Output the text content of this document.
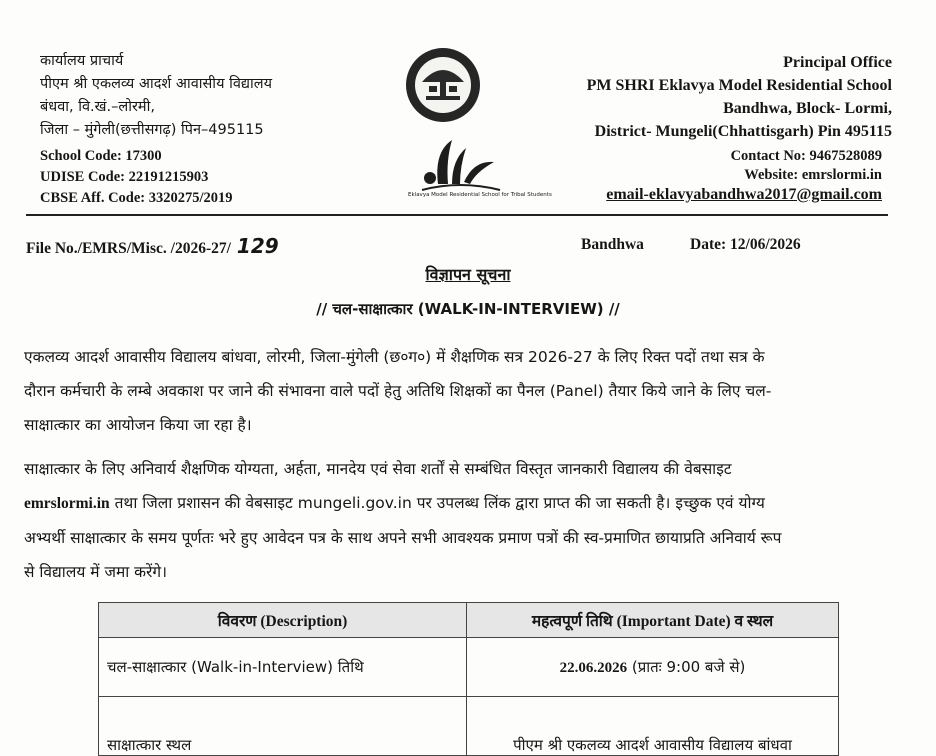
कार्यालय प्राचार्य
पीएम श्री एकलव्य आदर्श आवासीय विद्यालय
बंधवा, वि.खं.–लोरमी,
जिला – मुंगेली(छत्तीसगढ़) पिन–495115
School Code: 17300
UDISE Code: 22191215903
CBSE Aff. Code: 3320275/2019	Eklavya Model Residential School for Tribal Students
Principal Office
PM SHRI Eklavya Model Residential School
Bandhwa, Block- Lormi,
District- Mungeli(Chhattisgarh) Pin 495115
Contact No: 9467528089
Website: emrslormi.in
email-eklavyabandhwa2017@gmail.com
File No./EMRS/Misc. /2026-27/ 129	Bandhwa	Date: 12/06/2026
विज्ञापन सूचना
// चल-साक्षात्कार (WALK-IN-INTERVIEW) //
एकलव्य आदर्श आवासीय विद्यालय बांधवा, लोरमी, जिला-मुंगेली (छ०ग०) में शैक्षणिक सत्र 2026-27 के लिए रिक्त पदों तथा सत्र के
दौरान कर्मचारी के लम्बे अवकाश पर जाने की संभावना वाले पदों हेतु अतिथि शिक्षकों का पैनल (Panel) तैयार किये जाने के लिए चल-
साक्षात्कार का आयोजन किया जा रहा है।
साक्षात्कार के लिए अनिवार्य शैक्षणिक योग्यता, अर्हता, मानदेय एवं सेवा शर्तों से सम्बंधित विस्तृत जानकारी विद्यालय की वेबसाइट
emrslormi.in तथा जिला प्रशासन की वेबसाइट mungeli.gov.in पर उपलब्ध लिंक द्वारा प्राप्त की जा सकती है। इच्छुक एवं योग्य
अभ्यर्थी साक्षात्कार के समय पूर्णतः भरे हुए आवेदन पत्र के साथ अपने सभी आवश्यक प्रमाण पत्रों की स्व-प्रमाणित छायाप्रति अनिवार्य रूप
से विद्यालय में जमा करेंगे।
विवरण (Description)	महत्वपूर्ण तिथि (Important Date) व स्थल
चल-साक्षात्कार (Walk-in-Interview) तिथि	22.06.2026 (प्रातः 9:00 बजे से)
साक्षात्कार स्थल	पीएम श्री एकलव्य आदर्श आवासीय विद्यालय बांधवा
